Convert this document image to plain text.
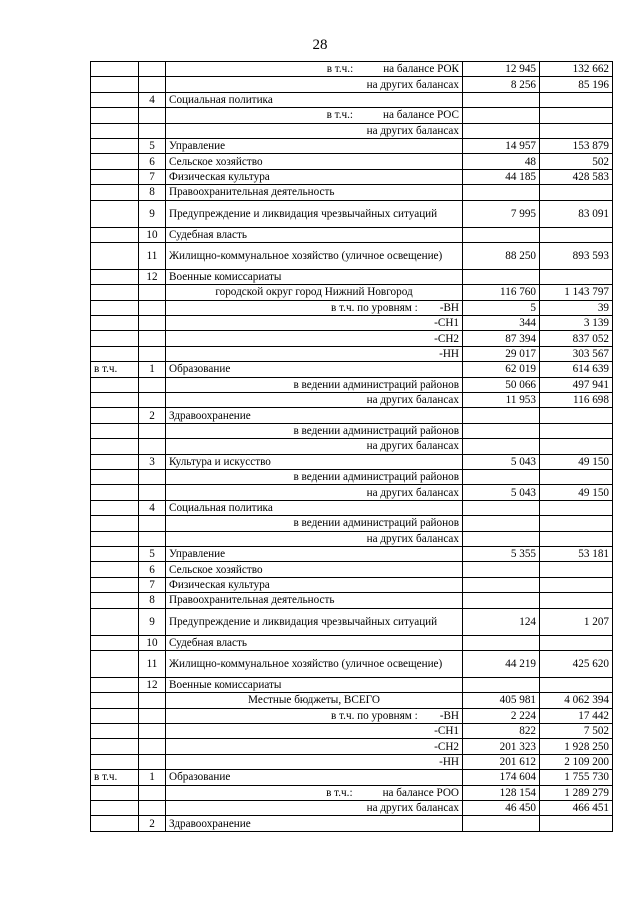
28
		в т.ч.: на балансе РОК	12 945	132 662
		на других балансах	8 256	85 196
	4	Социальная политика		
		в т.ч.: на балансе РОС		
		на других балансах		
	5	Управление	14 957	153 879
	6	Сельское хозяйство	48	502
	7	Физическая культура	44 185	428 583
	8	Правоохранительная деятельность		
	9	Предупреждение и ликвидация чрезвычайных ситуаций	7 995	83 091
	10	Судебная власть		
	11	Жилищно-коммунальное хозяйство (уличное освещение)	88 250	893 593
	12	Военные комиссариаты		
		городской округ город Нижний Новгород	116 760	1 143 797
		в т.ч. по уровням : -ВН	5	39
		-СН1	344	3 139
		-СН2	87 394	837 052
		-НН	29 017	303 567
в т.ч.	1	Образование	62 019	614 639
		в ведении администраций районов	50 066	497 941
		на других балансах	11 953	116 698
	2	Здравоохранение		
		в ведении администраций районов		
		на других балансах		
	3	Культура и искусство	5 043	49 150
		в ведении администраций районов		
		на других балансах	5 043	49 150
	4	Социальная политика		
		в ведении администраций районов		
		на других балансах		
	5	Управление	5 355	53 181
	6	Сельское хозяйство		
	7	Физическая культура		
	8	Правоохранительная деятельность		
	9	Предупреждение и ликвидация чрезвычайных ситуаций	124	1 207
	10	Судебная власть		
	11	Жилищно-коммунальное хозяйство (уличное освещение)	44 219	425 620
	12	Военные комиссариаты		
		Местные бюджеты, ВСЕГО	405 981	4 062 394
		в т.ч. по уровням : -ВН	2 224	17 442
		-СН1	822	7 502
		-СН2	201 323	1 928 250
		-НН	201 612	2 109 200
в т.ч.	1	Образование	174 604	1 755 730
		в т.ч.: на балансе РОО	128 154	1 289 279
		на других балансах	46 450	466 451
	2	Здравоохранение		
